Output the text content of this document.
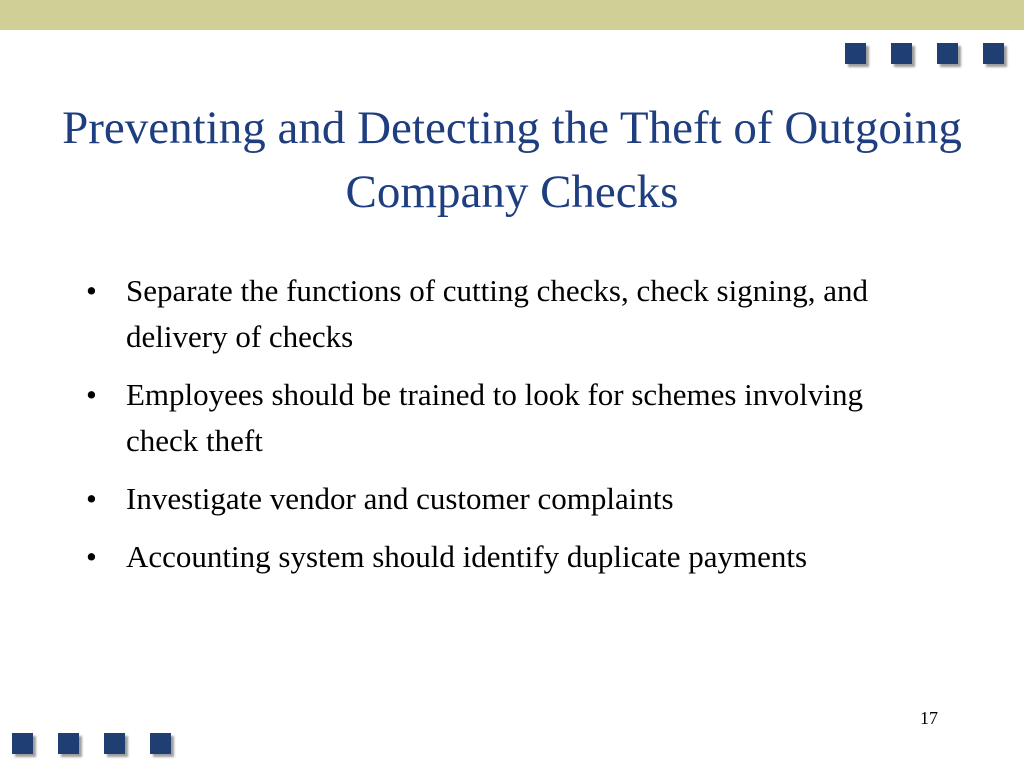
Preventing and Detecting the Theft of Outgoing Company Checks
• Separate the functions of cutting checks, check signing, and delivery of checks
• Employees should be trained to look for schemes involving check theft
• Investigate vendor and customer complaints
• Accounting system should identify duplicate payments
17
